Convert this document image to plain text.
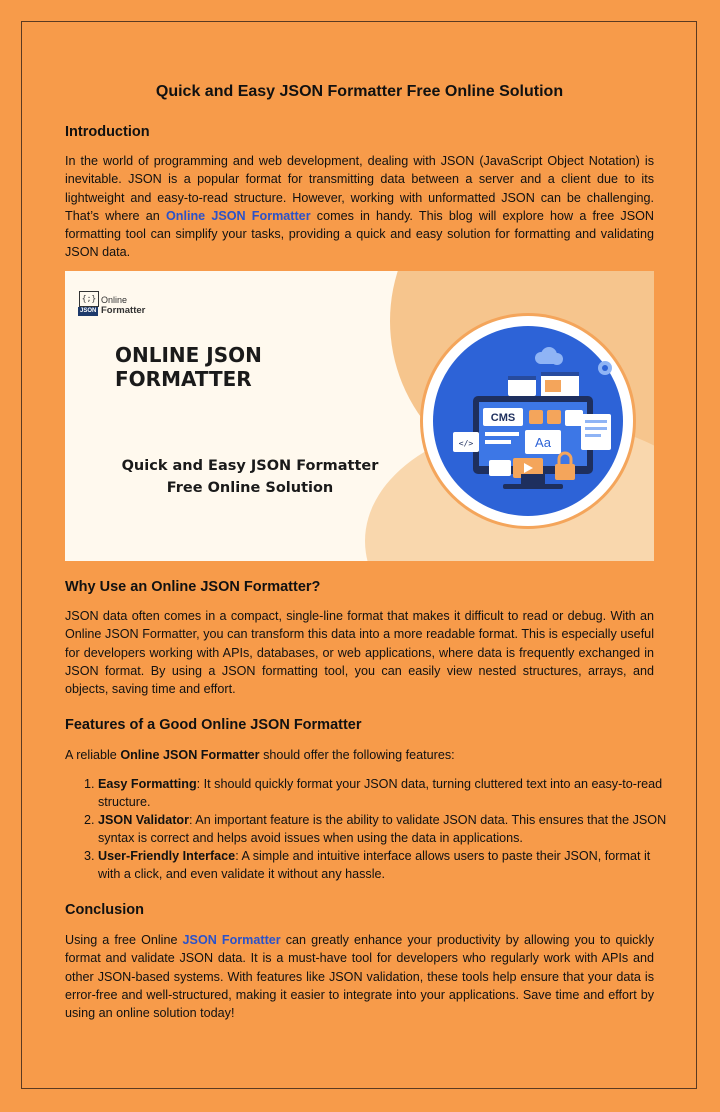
Quick and Easy JSON Formatter Free Online Solution
Introduction

In the world of programming and web development, dealing with JSON (JavaScript Object Notation) is inevitable. JSON is a popular format for transmitting data between a server and a client due to its lightweight and easy-to-read structure. However, working with unformatted JSON can be challenging. That’s where an Online JSON Formatter comes in handy. This blog will explore how a free JSON formatting tool can simplify your tasks, providing a quick and easy solution for formatting and validating JSON data.

Why Use an Online JSON Formatter?

JSON data often comes in a compact, single-line format that makes it difficult to read or debug. With an Online JSON Formatter, you can transform this data into a more readable format. This is especially useful for developers working with APIs, databases, or web applications, where data is frequently exchanged in JSON format. By using a JSON formatting tool, you can easily view nested structures, arrays, and objects, saving time and effort.

Features of a Good Online JSON Formatter

A reliable Online JSON Formatter should offer the following features:

1. Easy Formatting: It should quickly format your JSON data, turning cluttered text into an easy-to-read structure.
2. JSON Validator: An important feature is the ability to validate JSON data. This ensures that the JSON syntax is correct and helps avoid issues when using the data in applications.
3. User-Friendly Interface: A simple and intuitive interface allows users to paste their JSON, format it with a click, and even validate it without any hassle.
Conclusion

Using a free Online JSON Formatter can greatly enhance your productivity by allowing you to quickly format and validate JSON data. It is a must-have tool for developers who regularly work with APIs and other JSON-based systems. With features like JSON validation, these tools help ensure that your data is error-free and well-structured, making it easier to integrate into your applications. Save time and effort by using an online solution today!

{;}
JSON
Online
Formatter
ONLINE JSON
FORMATTER
Quick and Easy JSON Formatter
Free Online Solution
CMS
Aa
</>
